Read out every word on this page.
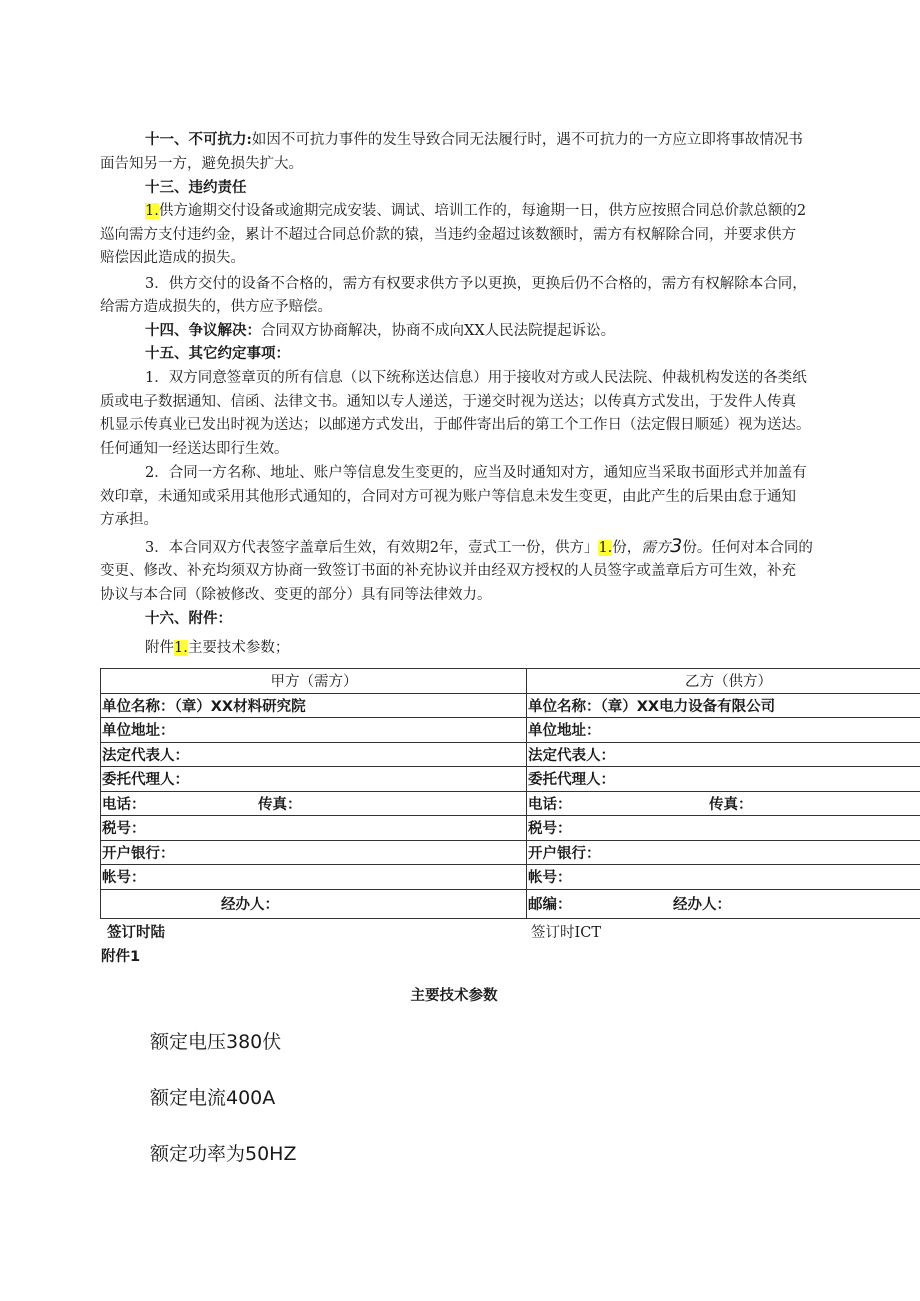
十一、不可抗力:如因不可抗力事件的发生导致合同无法履行时，遇不可抗力的一方应立即将事故情况书
面告知另一方，避免损失扩大。
十三、违约责任
1.供方逾期交付设备或逾期完成安装、调试、培训工作的，每逾期一日，供方应按照合同总价款总额的2
巡向需方支付违约金，累计不超过合同总价款的猿，当违约金超过该数额时，需方有权解除合同，并要求供方
赔偿因此造成的损失。
3．供方交付的设备不合格的，需方有权要求供方予以更换，更换后仍不合格的，需方有权解除本合同，
给需方造成损失的，供方应予赔偿。
十四、争议解决：合同双方协商解决，协商不成向XX人民法院提起诉讼。
十五、其它约定事项：
1．双方同意签章页的所有信息（以下统称送达信息）用于接收对方或人民法院、仲裁机构发送的各类纸
质或电子数据通知、信函、法律文书。通知以专人递送，于递交时视为送达；以传真方式发出，于发件人传真
机显示传真业已发出时视为送达；以邮递方式发出，于邮件寄出后的第工个工作日（法定假日顺延）视为送达。
任何通知一经送达即行生效。
2．合同一方名称、地址、账户等信息发生变更的，应当及时通知对方，通知应当采取书面形式并加盖有
效印章，未通知或采用其他形式通知的，合同对方可视为账户等信息未发生变更，由此产生的后果由怠于通知
方承担。
3．本合同双方代表签字盖章后生效，有效期2年，壹式工一份，供方」1.份，需方3份。任何对本合同的
变更、修改、补充均须双方协商一致签订书面的补充协议并由经双方授权的人员签字或盖章后方可生效，补充
协议与本合同（除被修改、变更的部分）具有同等法律效力。
十六、附件：
附件1.主要技术参数；
甲方（需方）	乙方（供方）
单位名称：（章）XX材料研究院	单位名称：（章）XX电力设备有限公司
单位地址：	单位地址：
法定代表人：	法定代表人：
委托代理人：	委托代理人：
电话： 传真：	电话： 传真：
税号：	税号：
开户银行：	开户银行：
帐号：	帐号：
经办人：	邮编： 经办人：
签订时陆	签订时ICT
附件1
主要技术参数
额定电压380伏
额定电流400A
额定功率为50HZ
